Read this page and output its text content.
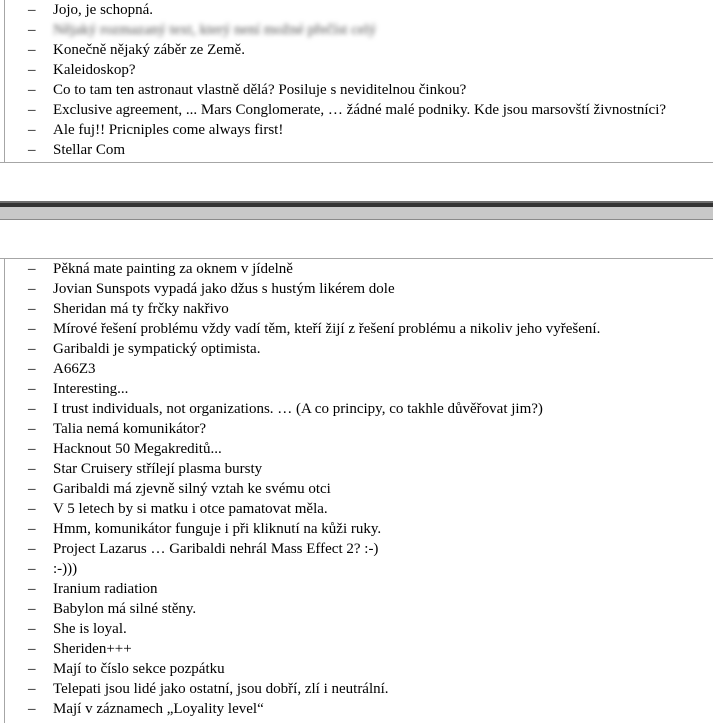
– Jojo, je schopná.
– Nějaký rozmazaný text, který není možné přečíst celý
– Konečně nějaký záběr ze Země.
– Kaleidoskop?
– Co to tam ten astronaut vlastně dělá? Posiluje s neviditelnou činkou?
– Exclusive agreement, ... Mars Conglomerate, … žádné malé podniky. Kde jsou marsovští živnostníci?
– Ale fuj!! Pricniples come always first!
– Stellar Com
– Pěkná mate painting za oknem v jídelně
– Jovian Sunspots vypadá jako džus s hustým likérem dole
– Sheridan má ty frčky nakřivo
– Mírové řešení problému vždy vadí těm, kteří žijí z řešení problému a nikoliv jeho vyřešení.
– Garibaldi je sympatický optimista.
– A66Z3
– Interesting...
– I trust individuals, not organizations. … (A co principy, co takhle důvěřovat jim?)
– Talia nemá komunikátor?
– Hacknout 50 Megakreditů...
– Star Cruisery střílejí plasma bursty
– Garibaldi má zjevně silný vztah ke svému otci
– V 5 letech by si matku i otce pamatovat měla.
– Hmm, komunikátor funguje i při kliknutí na kůži ruky.
– Project Lazarus … Garibaldi nehrál Mass Effect 2? :-)
– :-)))
– Iranium radiation
– Babylon má silné stěny.
– She is loyal.
– Sheriden+++
– Mají to číslo sekce pozpátku
– Telepati jsou lidé jako ostatní, jsou dobří, zlí i neutrální.
– Mají v záznamech „Loyality level“
